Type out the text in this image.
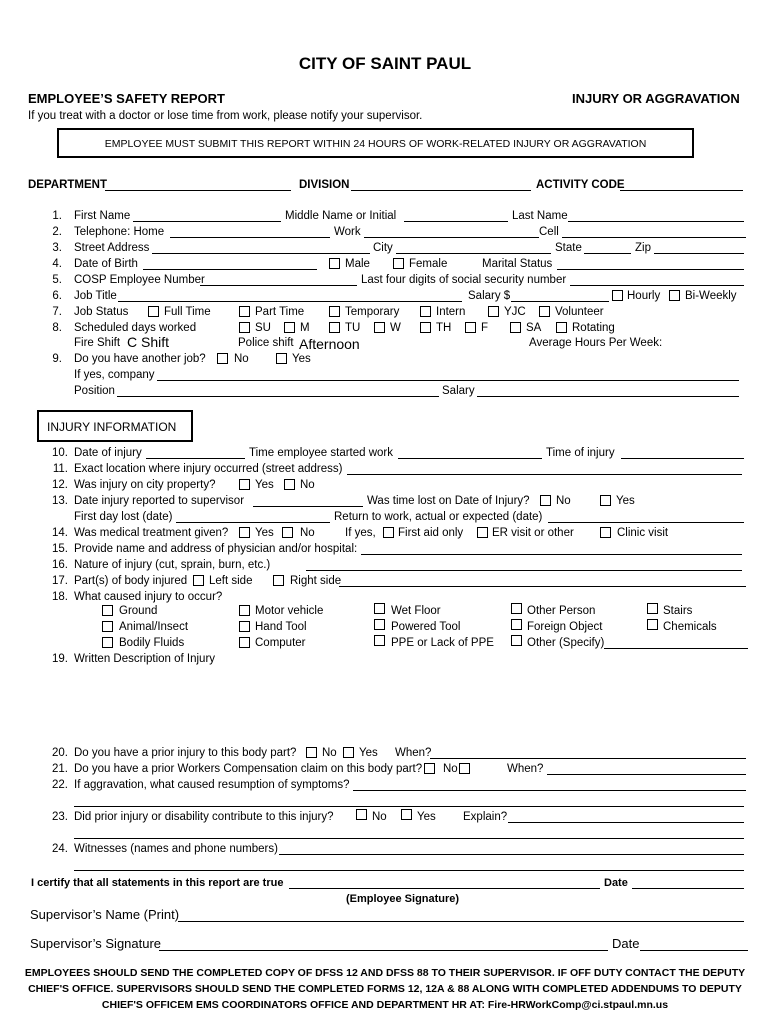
CITY OF SAINT PAUL
EMPLOYEE’S SAFETY REPORT	INJURY OR AGGRAVATION
If you treat with a doctor or lose time from work, please notify your supervisor.
EMPLOYEE MUST SUBMIT THIS REPORT WITHIN 24 HOURS OF WORK-RELATED INJURY OR AGGRAVATION
DEPARTMENT	DIVISION	ACTIVITY CODE
1. First Name	Middle Name or Initial	Last Name
2. Telephone: Home	Work	Cell
3. Street Address	City	State	Zip
4. Date of Birth	Male	Female	Marital Status
5. COSP Employee Number	Last four digits of social security number
6. Job Title	Salary $	Hourly Bi-Weekly
7. Job Status	Full Time	Part Time	Temporary	Intern	YJC	Volunteer
8. Scheduled days worked	SU	M	TU	W	TH	F	SA	Rotating
Fire Shift C Shift	Police shift Afternoon	Average Hours Per Week:
9. Do you have another job? No	Yes
If yes, company
Position	Salary
INJURY INFORMATION
10. Date of injury	Time employee started work	Time of injury
11. Exact location where injury occurred (street address)
12. Was injury on city property?	Yes No
13. Date injury reported to supervisor	Was time lost on Date of Injury? No	Yes
First day lost (date)	Return to work, actual or expected (date)
14. Was medical treatment given? Yes No	If yes, First aid only	ER visit or other	Clinic visit
15. Provide name and address of physician and/or hospital:
16. Nature of injury (cut, sprain, burn, etc.)
17. Part(s) of body injured Left side	Right side
18. What caused injury to occur?
Ground	Motor vehicle	Wet Floor	Other Person	Stairs
Animal/Insect	Hand Tool	Powered Tool	Foreign Object	Chemicals
Bodily Fluids	Computer	PPE or Lack of PPE	Other (Specify)
19. Written Description of Injury
20. Do you have a prior injury to this body part? No Yes When?
21. Do you have a prior Workers Compensation claim on this body part? No	When?
22. If aggravation, what caused resumption of symptoms?
23. Did prior injury or disability contribute to this injury?	No	Yes Explain?
24. Witnesses (names and phone numbers)
I certify that all statements in this report are true	Date
(Employee Signature)
Supervisor’s Name (Print)
Supervisor’s Signature	Date
EMPLOYEES SHOULD SEND THE COMPLETED COPY OF DFSS 12 AND DFSS 88 TO THEIR SUPERVISOR. IF OFF DUTY CONTACT THE DEPUTY
CHIEF'S OFFICE. SUPERVISORS SHOULD SEND THE COMPLETED FORMS 12, 12A & 88 ALONG WITH COMPLETED ADDENDUMS TO DEPUTY
CHIEF'S OFFICEM EMS COORDINATORS OFFICE AND DEPARTMENT HR AT: Fire-HRWorkComp@ci.stpaul.mn.us
